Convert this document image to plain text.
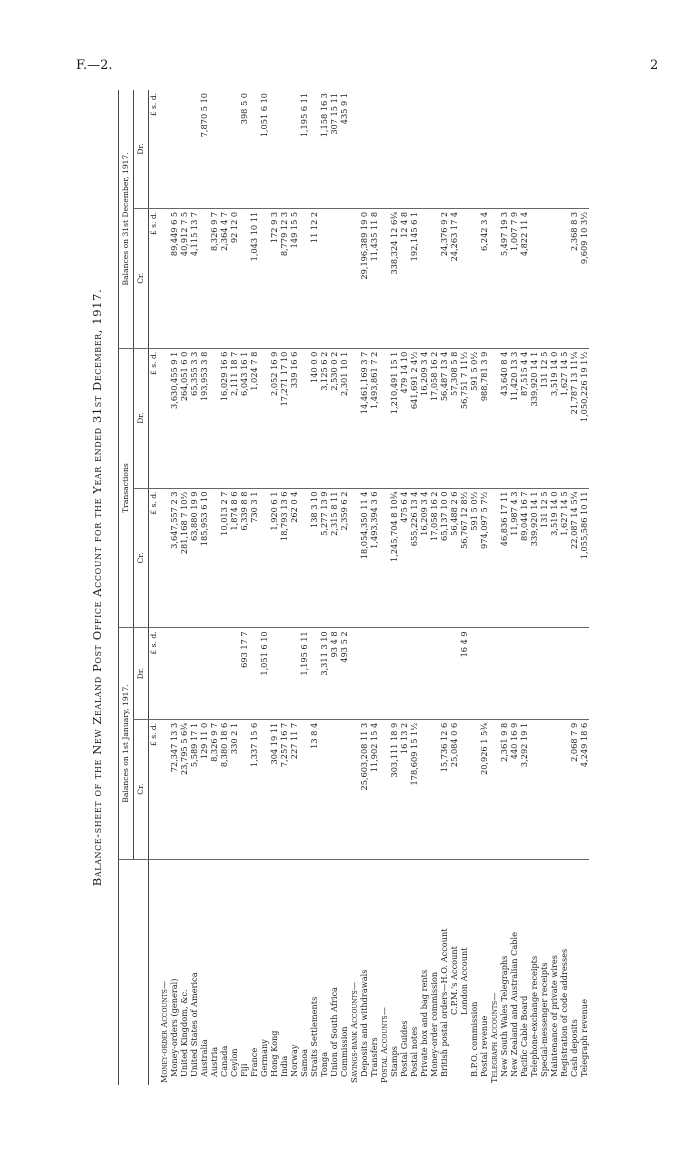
F.—2.	2
Balance-sheet of the New Zealand Post Office Account for the Year ended 31st December, 1917.
	Balances on 1st January, 1917.		Transactions		Balances on 31st December, 1917.	
	Cr.	Dr.	Cr.	Dr.	Cr.	Dr.
	£ s. d.	£ s. d.	£ s. d.	£ s. d.	£ s. d.	£ s. d.
Money-order Accounts—						
Money-orders (general)	72,347 13 3		3,647,557 2 3	3,630,455 9 1	89,449 6 5	
United Kingdom, &c.	23,795 5 6¾		281,168 7 10½	264,051 6 0	40,912 7 5	
United States of America	5,589 17 1		63,880 19 9	65,355 3 3	4,115 13 7	
Australia	129 11 0		185,953 6 10	193,953 3 8		7,870 5 10
Austria	8,326 9 7				8,326 9 7	
Canada	8,380 18 6		10,013 2 7	16,029 16 6	2,364 4 7	
Ceylon	330 2 1		1,874 8 6	2,111 18 7	92 12 0	
Fiji		693 17 7	6,339 8 8	6,043 16 1		398 5 0
France	1,337 15 6		730 3 1	1,024 7 8	1,043 10 11	
Germany		1,051 6 10				1,051 6 10
Hong Kong	304 19 11		1,920 6 1	2,052 16 9	172 9 3	
India	7,257 16 7		18,793 13 6	17,271 17 10	8,779 12 3	
Norway	227 11 7		262 0 4	339 16 6	149 15 5	
Samoa		1,195 6 11				1,195 6 11
Straits Settlements	13 8 4		138 3 10	140 0 0	11 12 2	
Tonga		3,311 3 10	5,277 13 9	3,125 6 2		1,158 16 3
Union of South Africa		93 4 8	2,315 8 11	2,530 0 2		307 15 11
Commission		493 5 2	2,359 6 2	2,301 10 1		435 9 1
Savings-bank Accounts—						
Deposits and withdrawals	25,603,208 11 3		18,054,350 11 4	14,461,169 3 7	29,196,389 19 0	
Transfers	11,902 15 4		1,493,394 3 6	1,493,861 7 2	11,435 11 8	
Postal Accounts—						
Stamps	303,111 18 9		1,245,704 8 10¾	1,210,491 15 1	338,324 12 6¾	
Postal Guides	16 13 2		475 6 4	479 14 10	12 4 8	
Postal notes	178,609 15 1½		655,226 13 4	641,691 2 4½	192,145 6 1	
Private box and bag rents			16,209 3 4	16,209 3 4		
Money-order commission			17,058 16 2	17,058 16 2		
British postal orders—H.O. Account	15,736 12 6		65,137 10 0	56,487 13 4	24,376 9 2	
C.P.M.'s Account	25,084 0 6		56,488 2 6	57,308 5 8	24,263 17 4	
London Account		16 4 9	56,767 12 8½	56,751 7 11½		
B.P.O. commission			591 5 0½	591 5 0½		
Postal revenue	20,926 1 5¾		974,097 5 7½	988,781 3 9	6,242 3 4	
Telegraph Accounts—						
New South Wales Telegraphs	2,361 9 8		46,836 17 11	43,640 8 4	5,497 19 3	
New Zealand and Australian Cable	440 16 9		11,987 4 3	11,420 13 3	1,007 7 9	
Pacific Cable Board	3,292 19 1		89,044 16 7	87,515 4 4	4,822 11 4	
Telephone-exchange receipts			339,920 14 1	339,920 14 1		
Special-messenger receipts			131 12 5	131 12 5		
Maintenance of private wires			3,519 14 0	3,519 14 0		
Registration of code addresses			1,627 14 5	1,627 14 5		
Cash deposits	2,068 7 9		22,087 14 5¼	21,787 13 11¼	2,368 8 3	
Telegraph revenue	4,249 18 6		1,055,586 10 11	1,050,226 19 1½	9,609 10 3½	
